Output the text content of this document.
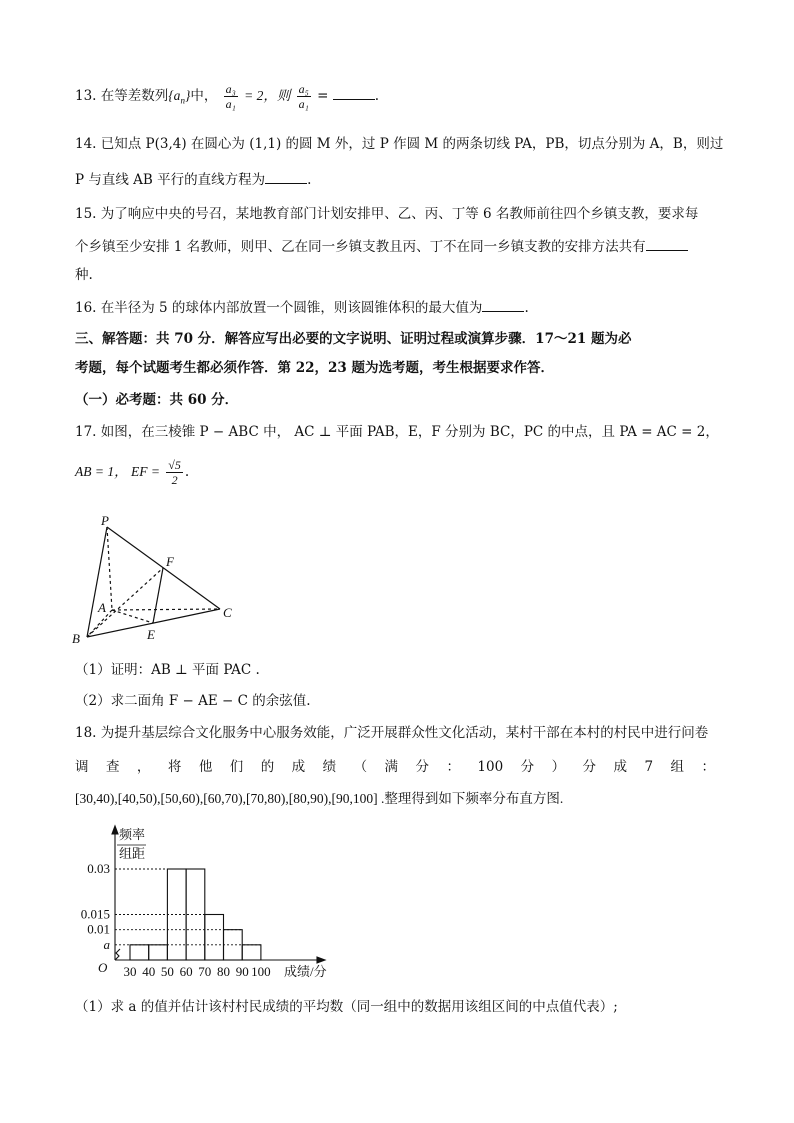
13. 在等差数列$\{a_n\}$中， $\frac{\text{a₃}}{\text{a₁}} = 2$，则 $\frac{\text{a₅}}{\text{a₁}}$ =	.
14. 已知点 P(3,4) 在圆心为 (1,1) 的圆 M 外，过 P 作圆 M 的两条切线 PA，PB，切点分别为 A，B，则过
P 与直线 AB 平行的直线方程为	.
15. 为了响应中央的号召，某地教育部门计划安排甲、乙、丙、丁等 6 名教师前往四个乡镇支教，要求每
个乡镇至少安排 1 名教师，则甲、乙在同一乡镇支教且丙、丁不在同一乡镇支教的安排方法共有
种.
16. 在半径为 5 的球体内部放置一个圆锥，则该圆锥体积的最大值为	.
三、解答题：共 70 分．解答应写出必要的文字说明、证明过程或演算步骤．17～21 题为必
考题，每个试题考生都必须作答．第 22，23 题为选考题，考生根据要求作答．
（一）必考题：共 60 分．
17. 如图，在三棱锥 P − ABC 中， AC ⊥ 平面 PAB，E，F 分别为 BC，PC 的中点，且 PA = AC = 2，
AB = 1， EF = $\frac{√5}{2}$ .
P
F
A	C
B	E
（1）证明：AB ⊥ 平面 PAC .
（2）求二面角 F − AE − C 的余弦值.
18. 为提升基层综合文化服务中心服务效能，广泛开展群众性文化活动，某村干部在本村的村民中进行问卷
调 查 ， 将 他 们 的 成 绩 （ 满 分 ： 100 分 ） 分 成 7 组 ：
[30,40),[40,50),[50,60),[60,70),[70,80),[80,90),[90,100] .整理得到如下频率分布直方图.
频率
组距
O	成绩/分
0.03
0.015
0.01
a
30 40 50 60 70 80 90 100
（1）求 a 的值并估计该村村民成绩的平均数（同一组中的数据用该组区间的中点值代表）;
